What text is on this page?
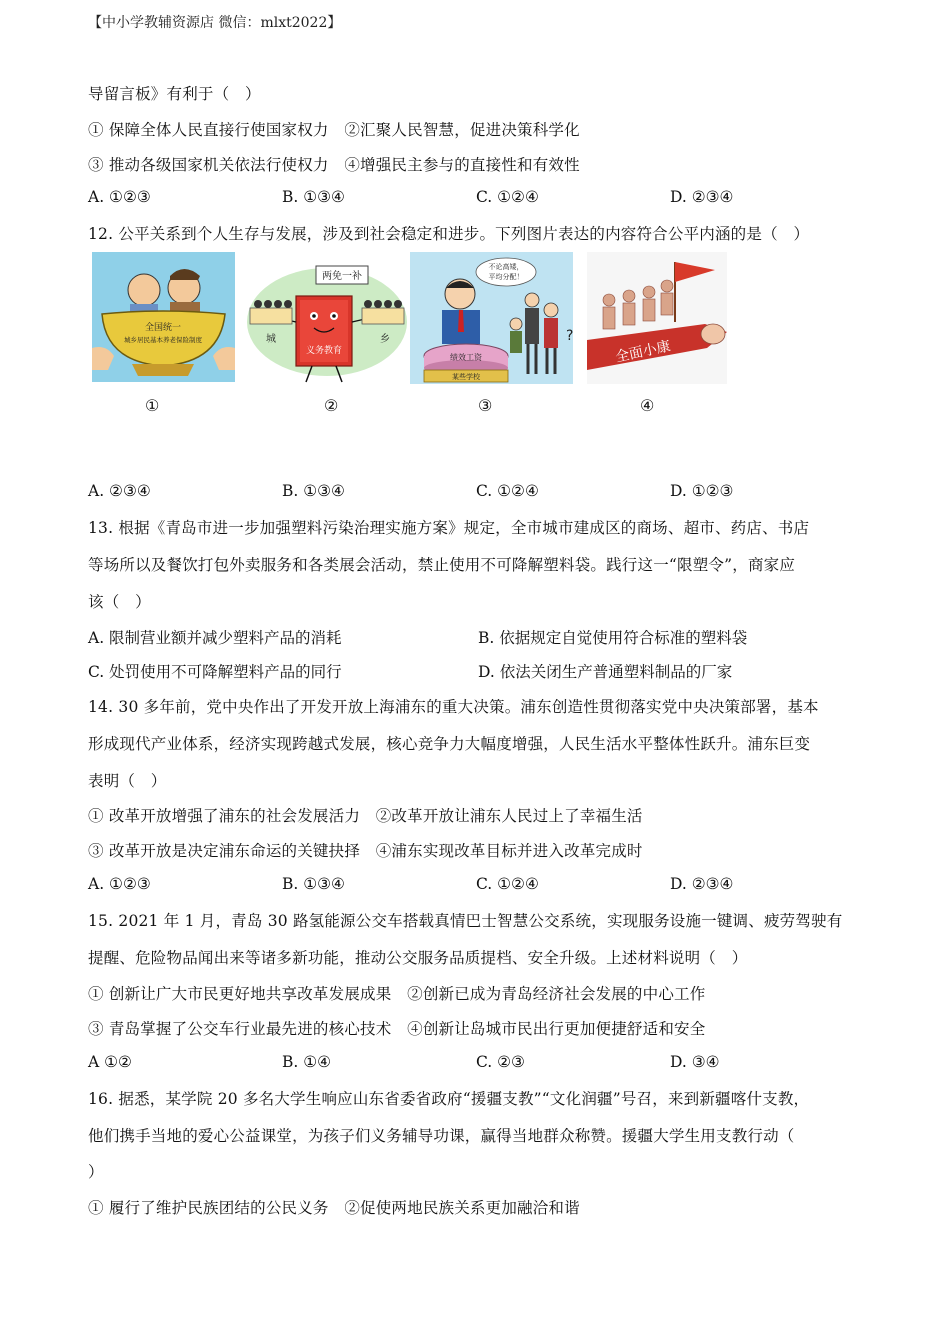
【中小学教辅资源店 微信：mlxt2022】
导留言板》有利于（　）
① 保障全体人民直接行使国家权力　②汇聚人民智慧，促进决策科学化
③ 推动各级国家机关依法行使权力　④增强民主参与的直接性和有效性
A. ①②③	B. ①③④	C. ①②④	D. ②③④
12. 公平关系到个人生存与发展，涉及到社会稳定和进步。下列图片表达的内容符合公平内涵的是（　）
全国统一
城乡居民基本养老保险制度
两免一补
义务教育
城	乡
不论高矮，
平均分配！
绩效工资
某些学校
?
全面小康
①	②	③	④
A. ②③④	B. ①③④	C. ①②④	D. ①②③
13. 根据《青岛市进一步加强塑料污染治理实施方案》规定，全市城市建成区的商场、超市、药店、书店
等场所以及餐饮打包外卖服务和各类展会活动，禁止使用不可降解塑料袋。践行这一“限塑令”，商家应
该（　）
A. 限制营业额并减少塑料产品的消耗	B. 依据规定自觉使用符合标准的塑料袋
C. 处罚使用不可降解塑料产品的同行	D. 依法关闭生产普通塑料制品的厂家
14. 30 多年前，党中央作出了开发开放上海浦东的重大决策。浦东创造性贯彻落实党中央决策部署，基本
形成现代产业体系，经济实现跨越式发展，核心竞争力大幅度增强，人民生活水平整体性跃升。浦东巨变
表明（　）
① 改革开放增强了浦东的社会发展活力　②改革开放让浦东人民过上了幸福生活
③ 改革开放是决定浦东命运的关键抉择　④浦东实现改革目标并进入改革完成时
A. ①②③	B. ①③④	C. ①②④	D. ②③④
15. 2021 年 1 月，青岛 30 路氢能源公交车搭载真情巴士智慧公交系统，实现服务设施一键调、疲劳驾驶有
提醒、危险物品闻出来等诸多新功能，推动公交服务品质提档、安全升级。上述材料说明（　）
① 创新让广大市民更好地共享改革发展成果　②创新已成为青岛经济社会发展的中心工作
③ 青岛掌握了公交车行业最先进的核心技术　④创新让岛城市民出行更加便捷舒适和安全
A ①②	B. ①④	C. ②③	D. ③④
16. 据悉，某学院 20 多名大学生响应山东省委省政府“援疆支教”“文化润疆”号召，来到新疆喀什支教，
他们携手当地的爱心公益课堂，为孩子们义务辅导功课，赢得当地群众称赞。援疆大学生用支教行动（
）
① 履行了维护民族团结的公民义务　②促使两地民族关系更加融洽和谐
